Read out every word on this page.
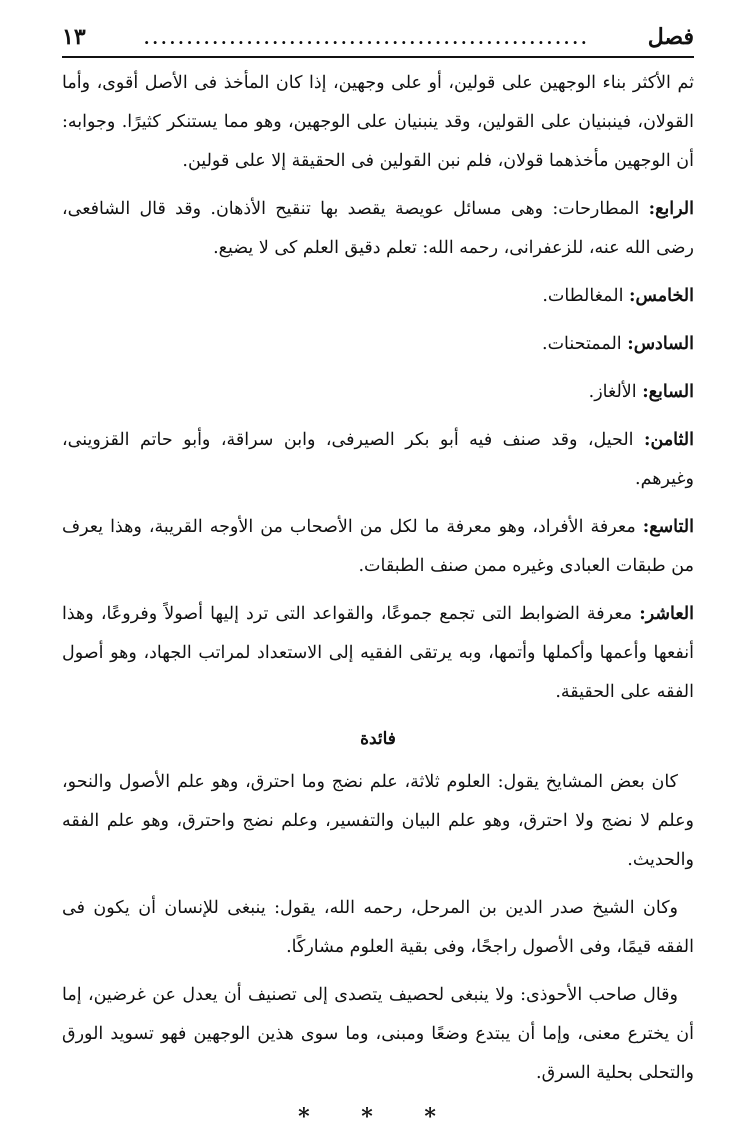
فصل
....................................................
١٣

ثم الأكثر بناء الوجهين على قولين، أو على وجهين، إذا كان المأخذ فى الأصل أقوى، وأما القولان، فينبنيان على القولين، وقد ينبنيان على الوجهين، وهو مما يستنكر كثيرًا. وجوابه: أن الوجهين مأخذهما قولان، فلم نبن القولين فى الحقيقة إلا على قولين.

الرابع: المطارحات: وهى مسائل عويصة يقصد بها تنقيح الأذهان. وقد قال الشافعى، رضى الله عنه، للزعفرانى، رحمه الله: تعلم دقيق العلم كى لا يضيع.

الخامس: المغالطات.

السادس: الممتحنات.

السابع: الألغاز.

الثامن: الحيل، وقد صنف فيه أبو بكر الصيرفى، وابن سراقة، وأبو حاتم القزوينى، وغيرهم.

التاسع: معرفة الأفراد، وهو معرفة ما لكل من الأصحاب من الأوجه القريبة، وهذا يعرف من طبقات العبادى وغيره ممن صنف الطبقات.

العاشر: معرفة الضوابط التى تجمع جموعًا، والقواعد التى ترد إليها أصولاً وفروعًا، وهذا أنفعها وأعمها وأكملها وأتمها، وبه يرتقى الفقيه إلى الاستعداد لمراتب الجهاد، وهو أصول الفقه على الحقيقة.

فائدة

كان بعض المشايخ يقول: العلوم ثلاثة، علم نضج وما احترق، وهو علم الأصول والنحو، وعلم لا نضج ولا احترق، وهو علم البيان والتفسير، وعلم نضج واحترق، وهو علم الفقه والحديث.

وكان الشيخ صدر الدين بن المرحل، رحمه الله، يقول: ينبغى للإنسان أن يكون فى الفقه قيمًا، وفى الأصول راجحًا، وفى بقية العلوم مشاركًا.

وقال صاحب الأحوذى: ولا ينبغى لحصيف يتصدى إلى تصنيف أن يعدل عن غرضين، إما أن يخترع معنى، وإما أن يبتدع وضعًا ومبنى، وما سوى هذين الوجهين فهو تسويد الورق والتحلى بحلية السرق.

* * *
